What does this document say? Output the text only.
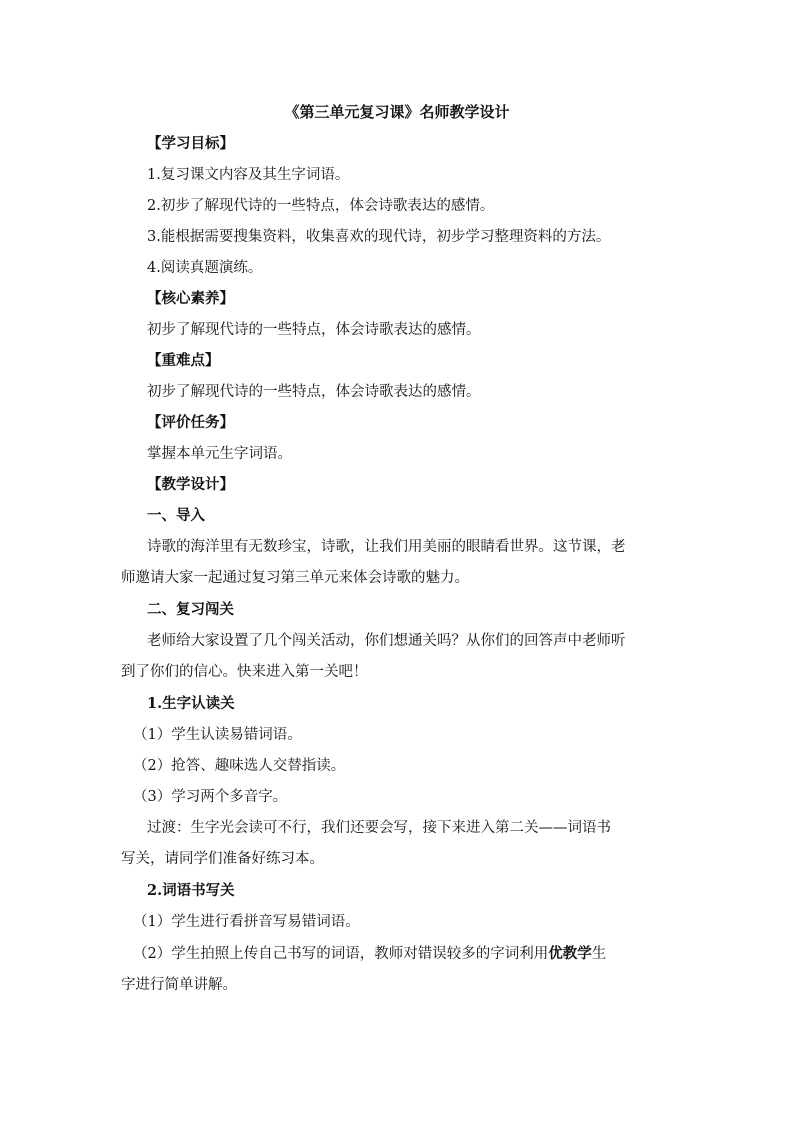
《第三单元复习课》名师教学设计
【学习目标】
1.复习课文内容及其生字词语。
2.初步了解现代诗的一些特点，体会诗歌表达的感情。
3.能根据需要搜集资料，收集喜欢的现代诗，初步学习整理资料的方法。
4.阅读真题演练。
【核心素养】
初步了解现代诗的一些特点，体会诗歌表达的感情。
【重难点】
初步了解现代诗的一些特点，体会诗歌表达的感情。
【评价任务】
掌握本单元生字词语。
【教学设计】
一、导入
诗歌的海洋里有无数珍宝，诗歌，让我们用美丽的眼睛看世界。这节课，老
师邀请大家一起通过复习第三单元来体会诗歌的魅力。
二、复习闯关
老师给大家设置了几个闯关活动，你们想通关吗？从你们的回答声中老师听
到了你们的信心。快来进入第一关吧！
1.生字认读关
（1）学生认读易错词语。
（2）抢答、趣味选人交替指读。
（3）学习两个多音字。
过渡：生字光会读可不行，我们还要会写，接下来进入第二关——词语书
写关，请同学们准备好练习本。
2.词语书写关
（1）学生进行看拼音写易错词语。
（2）学生拍照上传自己书写的词语，教师对错误较多的字词利用优教学生
字进行简单讲解。
